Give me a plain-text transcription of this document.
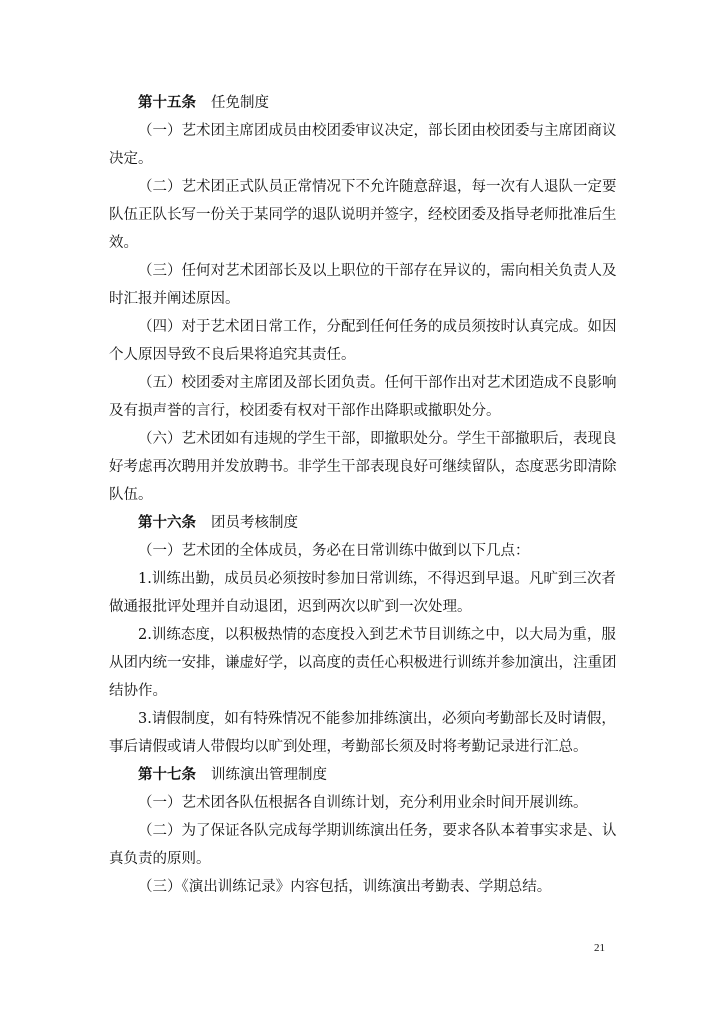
第十五条 任免制度
（一）艺术团主席团成员由校团委审议决定，部长团由校团委与主席团商议
决定。
（二）艺术团正式队员正常情况下不允许随意辞退，每一次有人退队一定要
队伍正队长写一份关于某同学的退队说明并签字，经校团委及指导老师批准后生
效。
（三）任何对艺术团部长及以上职位的干部存在异议的，需向相关负责人及
时汇报并阐述原因。
（四）对于艺术团日常工作，分配到任何任务的成员须按时认真完成。如因
个人原因导致不良后果将追究其责任。
（五）校团委对主席团及部长团负责。任何干部作出对艺术团造成不良影响
及有损声誉的言行，校团委有权对干部作出降职或撤职处分。
（六）艺术团如有违规的学生干部，即撤职处分。学生干部撤职后，表现良
好考虑再次聘用并发放聘书。非学生干部表现良好可继续留队，态度恶劣即清除
队伍。
第十六条 团员考核制度
（一）艺术团的全体成员，务必在日常训练中做到以下几点：
1.训练出勤，成员员必须按时参加日常训练，不得迟到早退。凡旷到三次者
做通报批评处理并自动退团，迟到两次以旷到一次处理。
2.训练态度，以积极热情的态度投入到艺术节目训练之中，以大局为重，服
从团内统一安排，谦虚好学，以高度的责任心积极进行训练并参加演出，注重团
结协作。
3.请假制度，如有特殊情况不能参加排练演出，必须向考勤部长及时请假，
事后请假或请人带假均以旷到处理，考勤部长须及时将考勤记录进行汇总。
第十七条 训练演出管理制度
（一）艺术团各队伍根据各自训练计划，充分利用业余时间开展训练。
（二）为了保证各队完成每学期训练演出任务，要求各队本着事实求是、认
真负责的原则。
（三）《演出训练记录》内容包括，训练演出考勤表、学期总结。
21
